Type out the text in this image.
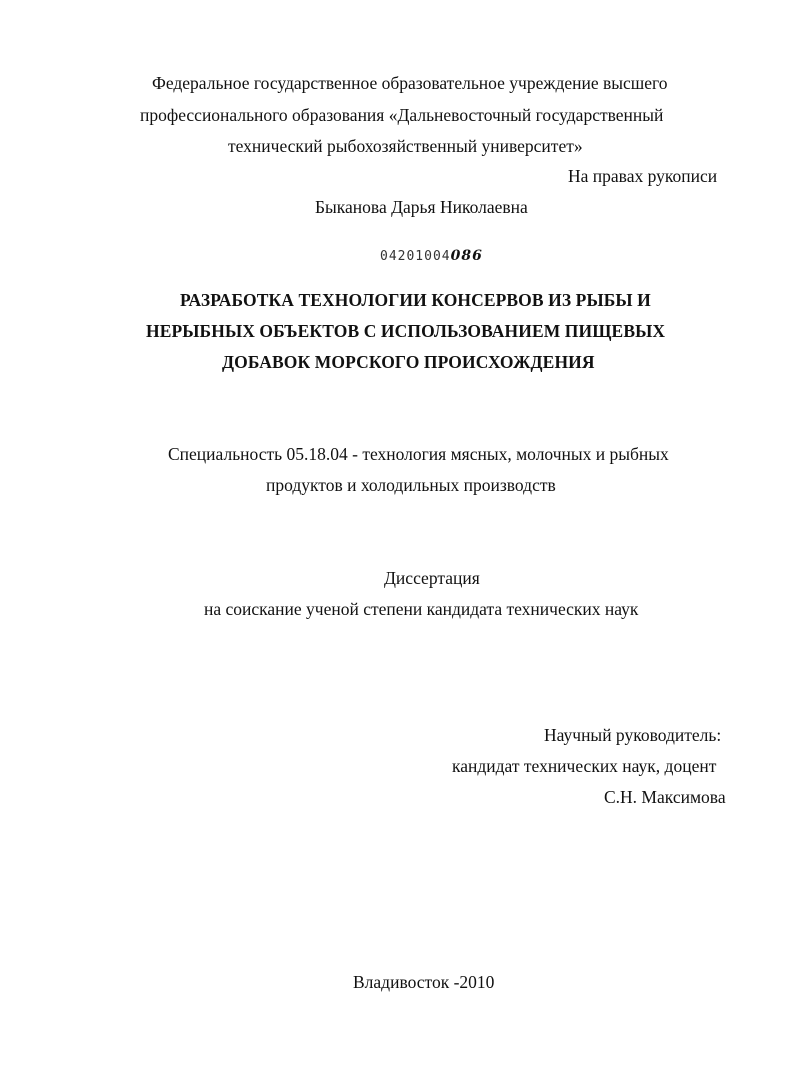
Федеральное государственное образовательное учреждение высшего
профессионального образования «Дальневосточный государственный
технический рыбохозяйственный университет»
На правах рукописи
Быканова Дарья Николаевна
04201004086
РАЗРАБОТКА ТЕХНОЛОГИИ КОНСЕРВОВ ИЗ РЫБЫ И
НЕРЫБНЫХ ОБЪЕКТОВ С ИСПОЛЬЗОВАНИЕМ ПИЩЕВЫХ
ДОБАВОК МОРСКОГО ПРОИСХОЖДЕНИЯ
Специальность 05.18.04 - технология мясных, молочных и рыбных
продуктов и холодильных производств
Диссертация
на соискание ученой степени кандидата технических наук
Научный руководитель:
кандидат технических наук, доцент
С.Н. Максимова
Владивосток -2010
